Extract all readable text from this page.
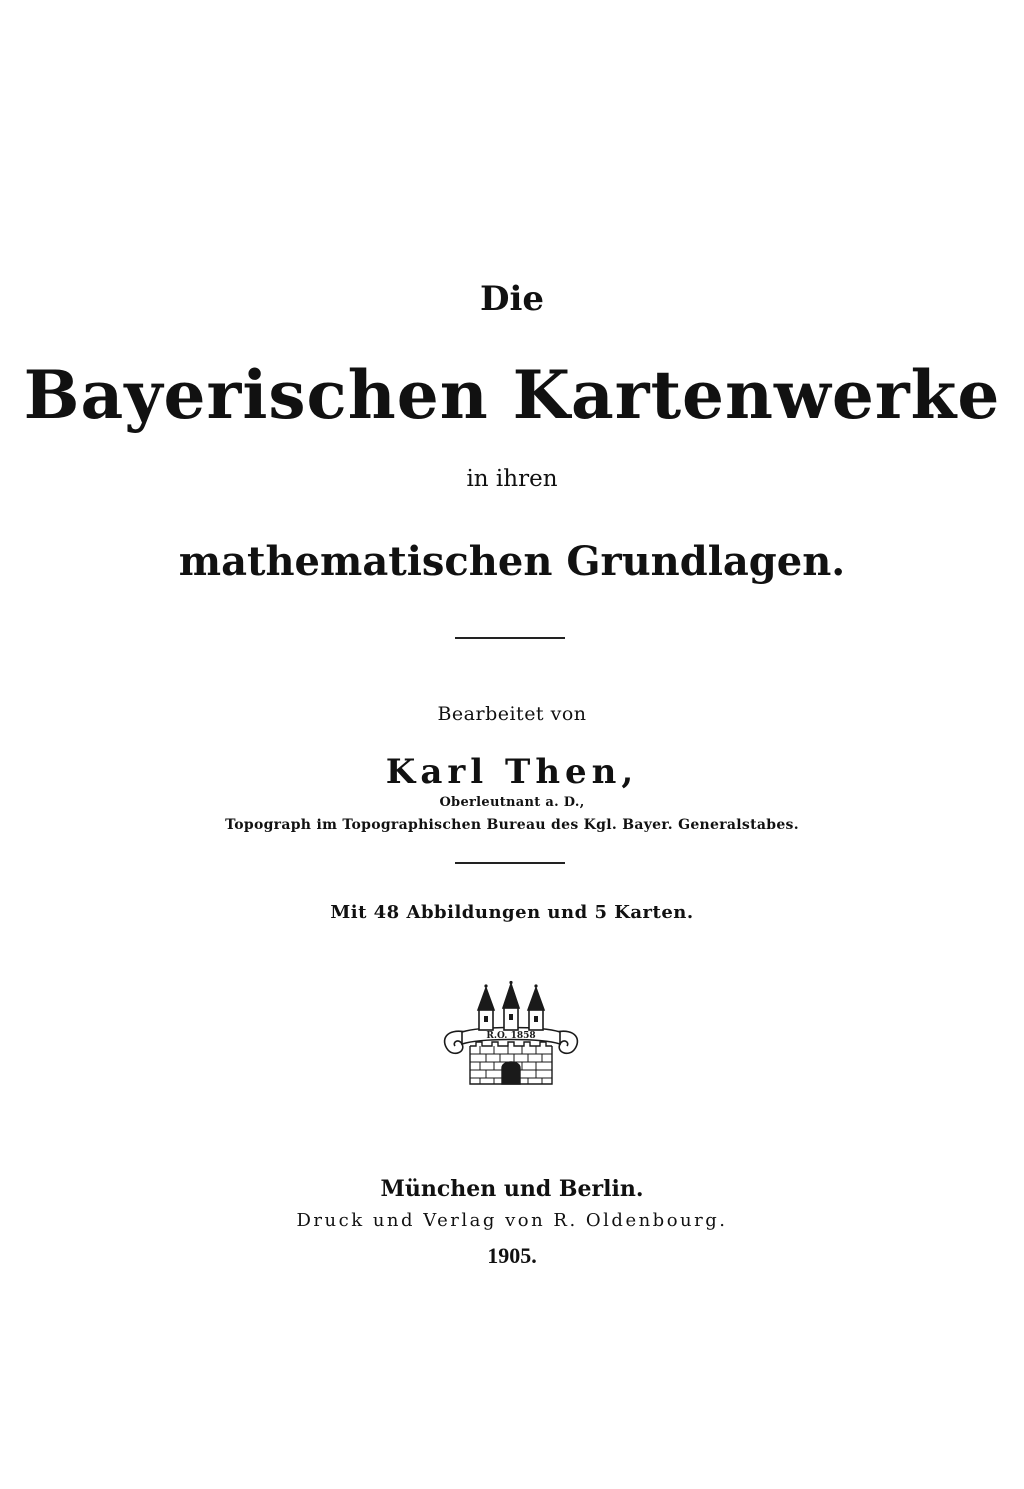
Die
Bayerischen Kartenwerke
in ihren
mathematischen Grundlagen.
Bearbeitet von
Karl Then,
Oberleutnant a. D.,
Topograph im Topographischen Bureau des Kgl. Bayer. Generalstabes.
Mit 48 Abbildungen und 5 Karten.
R.O. 1858
München und Berlin.
Druck und Verlag von R. Oldenbourg.
1905.
